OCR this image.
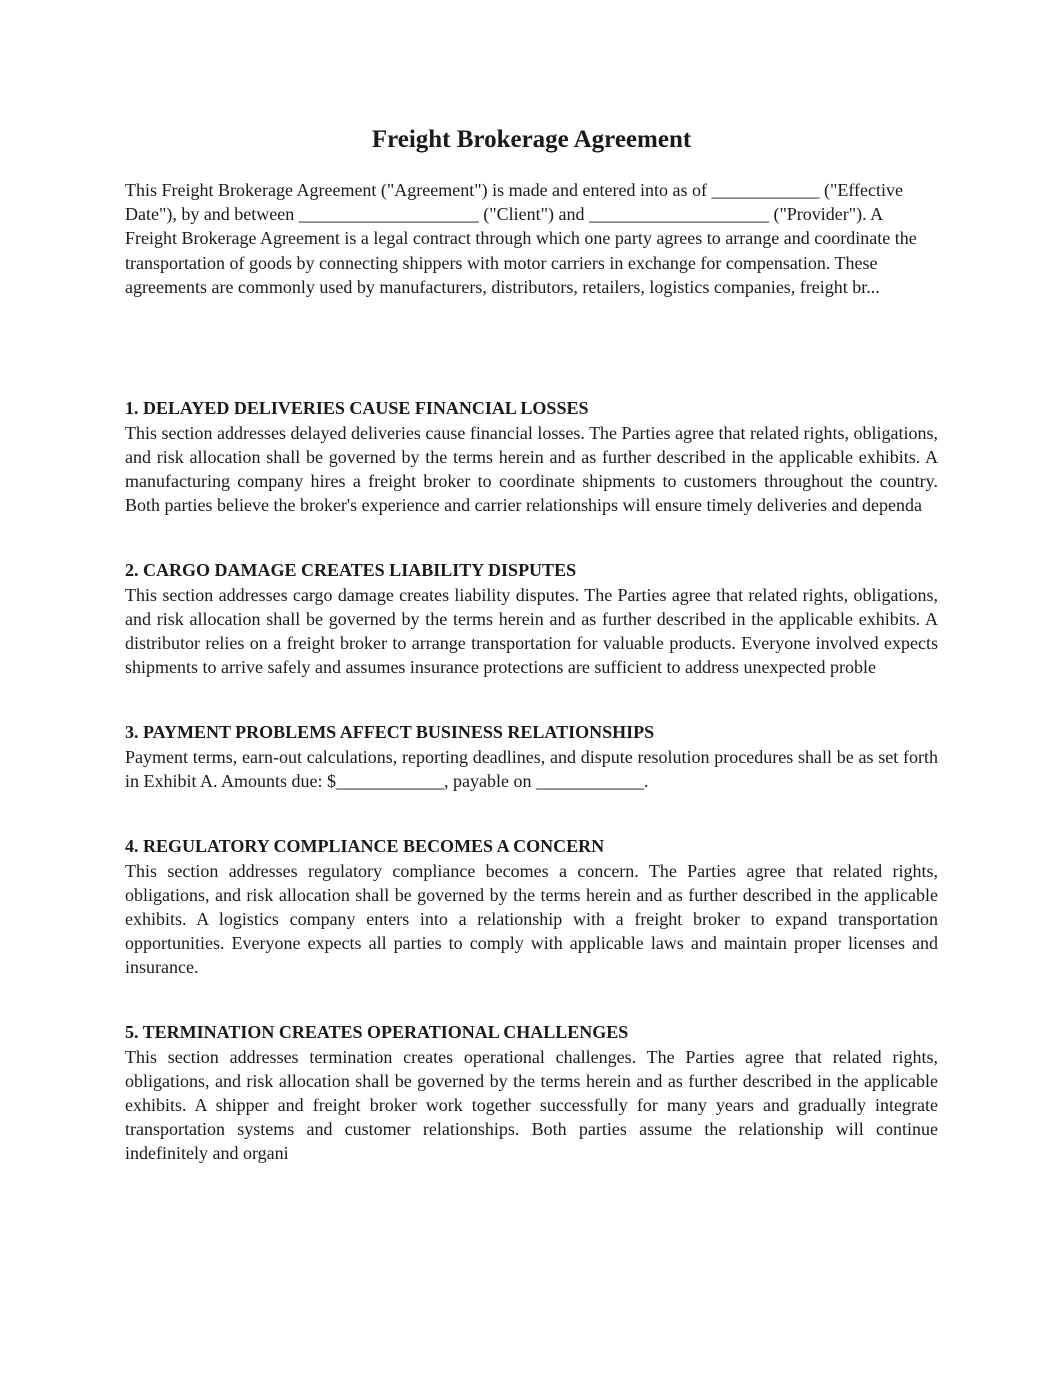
Freight Brokerage Agreement

This Freight Brokerage Agreement ("Agreement") is made and entered into as of ____________ ("Effective Date"), by and between ____________________ ("Client") and ____________________ ("Provider"). A Freight Brokerage Agreement is a legal contract through which one party agrees to arrange and coordinate the transportation of goods by connecting shippers with motor carriers in exchange for compensation. These agreements are commonly used by manufacturers, distributors, retailers, logistics companies, freight br...

1. DELAYED DELIVERIES CAUSE FINANCIAL LOSSES

This section addresses delayed deliveries cause financial losses. The Parties agree that related rights, obligations, and risk allocation shall be governed by the terms herein and as further described in the applicable exhibits. A manufacturing company hires a freight broker to coordinate shipments to customers throughout the country. Both parties believe the broker's experience and carrier relationships will ensure timely deliveries and dependa

2. CARGO DAMAGE CREATES LIABILITY DISPUTES

This section addresses cargo damage creates liability disputes. The Parties agree that related rights, obligations, and risk allocation shall be governed by the terms herein and as further described in the applicable exhibits. A distributor relies on a freight broker to arrange transportation for valuable products. Everyone involved expects shipments to arrive safely and assumes insurance protections are sufficient to address unexpected proble

3. PAYMENT PROBLEMS AFFECT BUSINESS RELATIONSHIPS

Payment terms, earn-out calculations, reporting deadlines, and dispute resolution procedures shall be as set forth in Exhibit A. Amounts due: $____________, payable on ____________.

4. REGULATORY COMPLIANCE BECOMES A CONCERN

This section addresses regulatory compliance becomes a concern. The Parties agree that related rights, obligations, and risk allocation shall be governed by the terms herein and as further described in the applicable exhibits. A logistics company enters into a relationship with a freight broker to expand transportation opportunities. Everyone expects all parties to comply with applicable laws and maintain proper licenses and insurance.

5. TERMINATION CREATES OPERATIONAL CHALLENGES

This section addresses termination creates operational challenges. The Parties agree that related rights, obligations, and risk allocation shall be governed by the terms herein and as further described in the applicable exhibits. A shipper and freight broker work together successfully for many years and gradually integrate transportation systems and customer relationships. Both parties assume the relationship will continue indefinitely and organi
